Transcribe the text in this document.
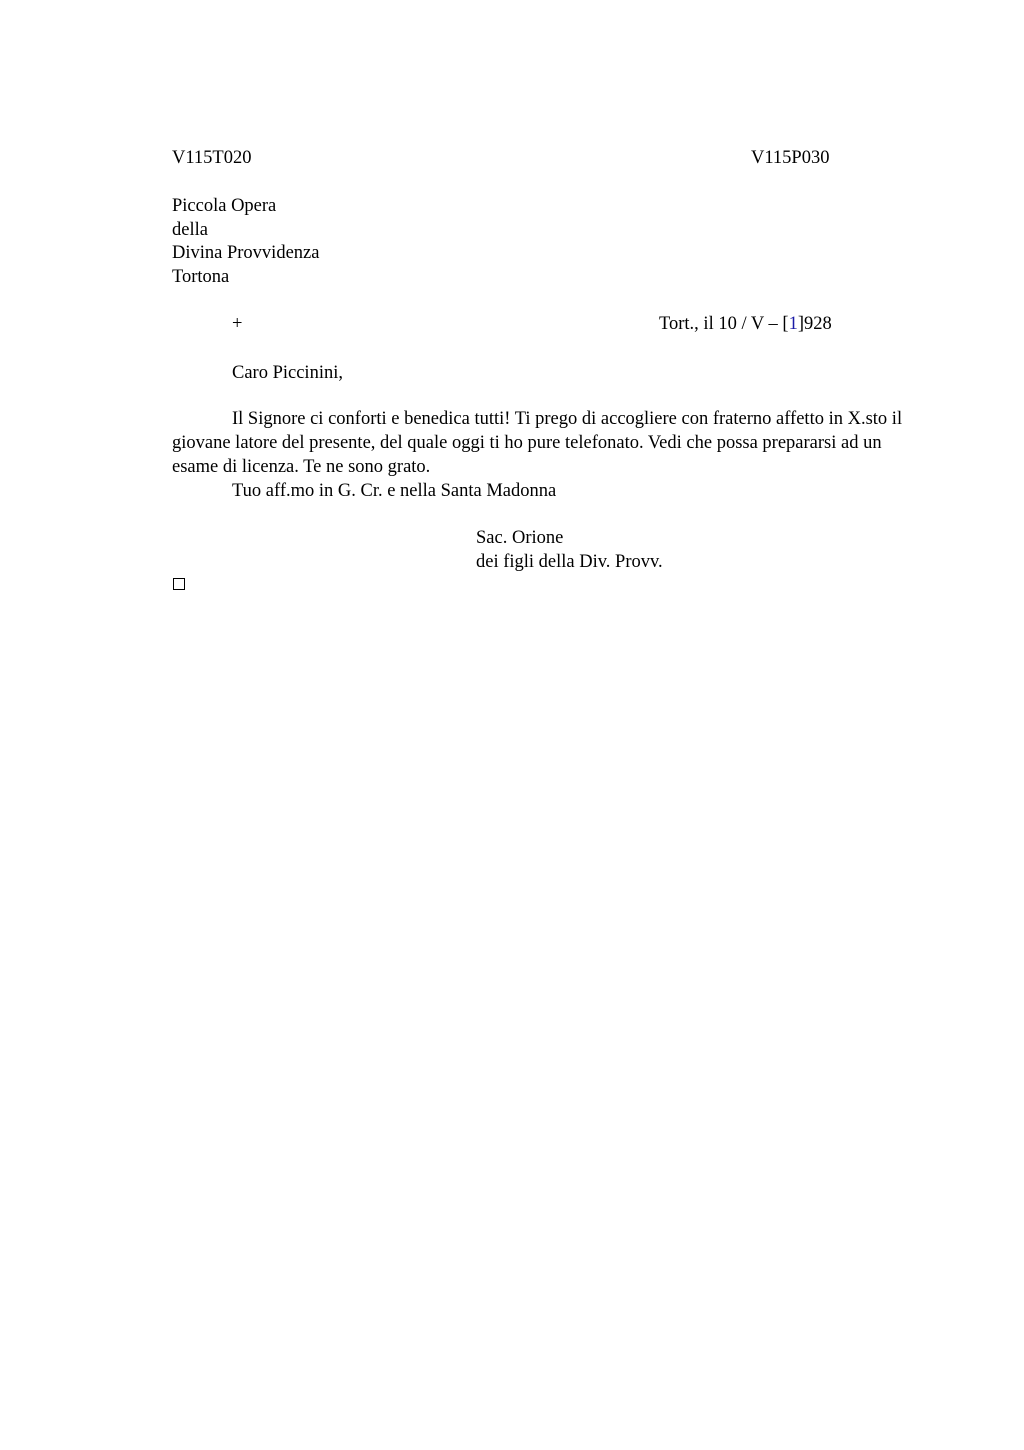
V115T020	V115P030
Piccola Opera
della
Divina Provvidenza
Tortona
+	Tort., il 10 / V – [1]928
Caro Piccinini,

Il Signore ci conforti e benedica tutti! Ti prego di accogliere con fraterno affetto in X.sto il giovane latore del presente, del quale oggi ti ho pure telefonato. Vedi che possa prepararsi ad un esame di licenza. Te ne sono grato.

Tuo aff.mo in G. Cr. e nella Santa Madonna
Sac. Orione
dei figli della Div. Provv.
